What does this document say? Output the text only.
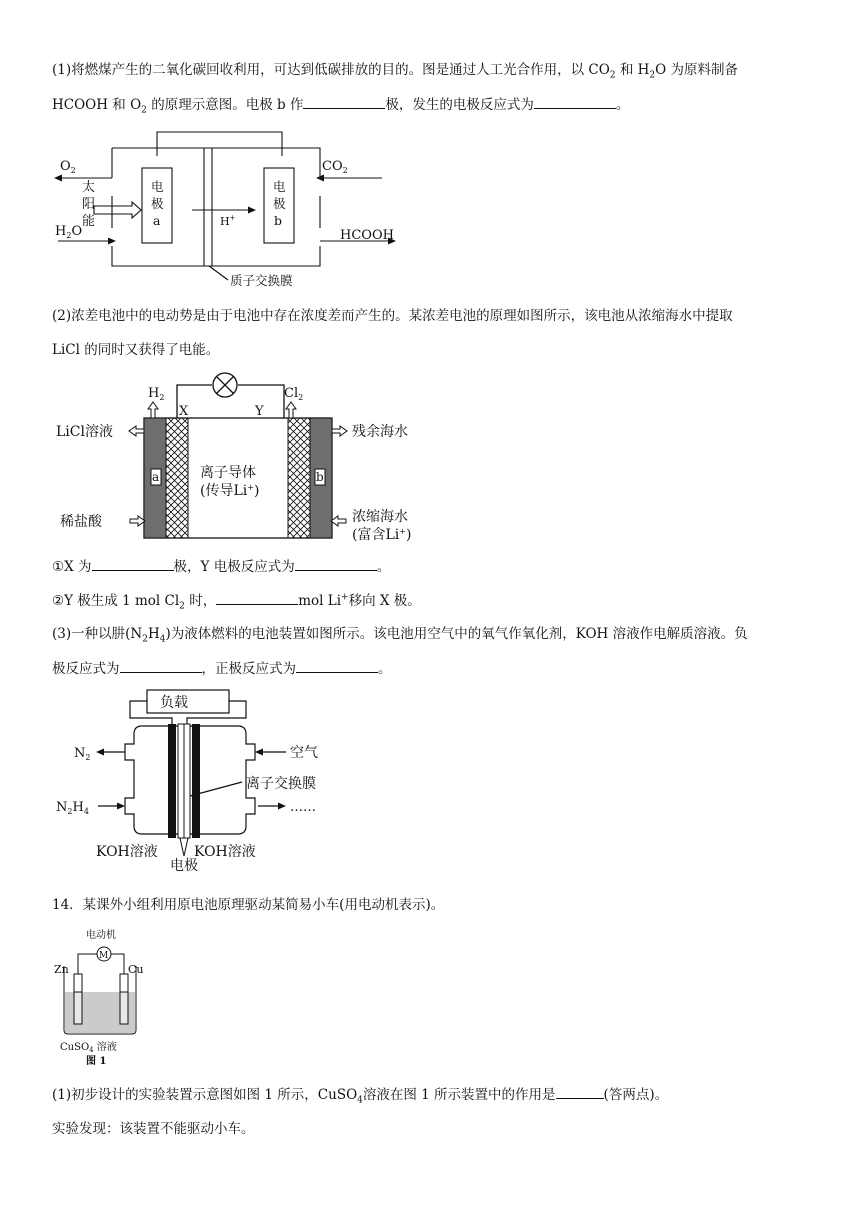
(1)将燃煤产生的二氧化碳回收利用，可达到低碳排放的目的。图是通过人工光合作用，以 $CO_2$ 和 $H_2O$ 为原料制备
HCOOH 和 $O_2$ 的原理示意图。电极 b 作	极，发生的电极反应式为	。
$O_2$	$CO_2$
太
阳
能
$H_2O$	HCOOH
电
极
a
电
极
b
H+
质子交换膜
(2)浓差电池中的电动势是由于电池中存在浓度差而产生的。某浓差电池的原理如图所示，该电池从浓缩海水中提取
LiCl 的同时又获得了电能。
$H_2$	$Cl_2$
X	Y
LiCl溶液	残余海水
离子导体
(传导Li+)
a	b
稀盐酸	浓缩海水
(富含Li+)
①X 为	极，Y 电极反应式为	。
②Y 极生成 1 mol $Cl_2$ 时，	mol Li+移向 X 极。
(3)一种以肼$(N_2H_4)$为液体燃料的电池装置如图所示。该电池用空气中的氧气作氧化剂，KOH 溶液作电解质溶液。负
极反应式为	，正极反应式为	。
负载
$N_2$	空气
离子交换膜
$N_2H_4$	……
KOH溶液	KOH溶液
电极
14．某课外小组利用原电池原理驱动某简易小车(用电动机表示)。
电动机
M
Zn	Cu
CuSO$_4$ 溶液
图 1
(1)初步设计的实验装置示意图如图 1 所示，CuSO$_4$溶液在图 1 所示装置中的作用是	(答两点)。
实验发现：该装置不能驱动小车。
